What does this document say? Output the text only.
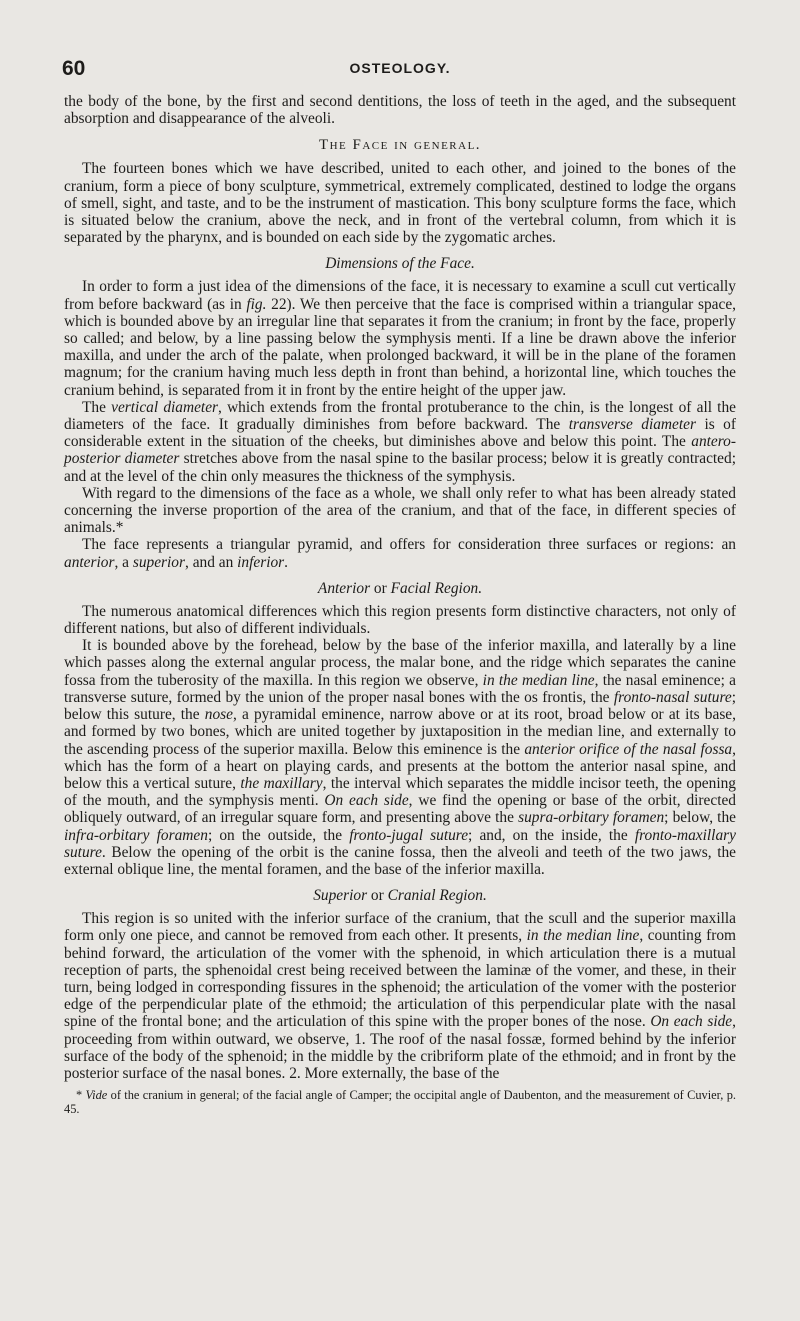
60	OSTEOLOGY.

the body of the bone, by the first and second dentitions, the loss of teeth in the aged, and the subsequent absorption and disappearance of the alveoli.

The Face in general.

The fourteen bones which we have described, united to each other, and joined to the bones of the cranium, form a piece of bony sculpture, symmetrical, extremely complicated, destined to lodge the organs of smell, sight, and taste, and to be the instrument of mastication. This bony sculpture forms the face, which is situated below the cranium, above the neck, and in front of the vertebral column, from which it is separated by the pharynx, and is bounded on each side by the zygomatic arches.

Dimensions of the Face.

In order to form a just idea of the dimensions of the face, it is necessary to examine a scull cut vertically from before backward (as in fig. 22). We then perceive that the face is comprised within a triangular space, which is bounded above by an irregular line that separates it from the cranium; in front by the face, properly so called; and below, by a line passing below the symphysis menti. If a line be drawn above the inferior maxilla, and under the arch of the palate, when prolonged backward, it will be in the plane of the foramen magnum; for the cranium having much less depth in front than behind, a horizontal line, which touches the cranium behind, is separated from it in front by the entire height of the upper jaw.

The vertical diameter, which extends from the frontal protuberance to the chin, is the longest of all the diameters of the face. It gradually diminishes from before backward. The transverse diameter is of considerable extent in the situation of the cheeks, but diminishes above and below this point. The antero-posterior diameter stretches above from the nasal spine to the basilar process; below it is greatly contracted; and at the level of the chin only measures the thickness of the symphysis.

With regard to the dimensions of the face as a whole, we shall only refer to what has been already stated concerning the inverse proportion of the area of the cranium, and that of the face, in different species of animals.*

The face represents a triangular pyramid, and offers for consideration three surfaces or regions: an anterior, a superior, and an inferior.

Anterior or Facial Region.

The numerous anatomical differences which this region presents form distinctive characters, not only of different nations, but also of different individuals.

It is bounded above by the forehead, below by the base of the inferior maxilla, and laterally by a line which passes along the external angular process, the malar bone, and the ridge which separates the canine fossa from the tuberosity of the maxilla. In this region we observe, in the median line, the nasal eminence; a transverse suture, formed by the union of the proper nasal bones with the os frontis, the fronto-nasal suture; below this suture, the nose, a pyramidal eminence, narrow above or at its root, broad below or at its base, and formed by two bones, which are united together by juxtaposition in the median line, and externally to the ascending process of the superior maxilla. Below this eminence is the anterior orifice of the nasal fossa, which has the form of a heart on playing cards, and presents at the bottom the anterior nasal spine, and below this a vertical suture, the maxillary, the interval which separates the middle incisor teeth, the opening of the mouth, and the symphysis menti. On each side, we find the opening or base of the orbit, directed obliquely outward, of an irregular square form, and presenting above the supra-orbitary foramen; below, the infra-orbitary foramen; on the outside, the fronto-jugal suture; and, on the inside, the fronto-maxillary suture. Below the opening of the orbit is the canine fossa, then the alveoli and teeth of the two jaws, the external oblique line, the mental foramen, and the base of the inferior maxilla.

Superior or Cranial Region.

This region is so united with the inferior surface of the cranium, that the scull and the superior maxilla form only one piece, and cannot be removed from each other. It presents, in the median line, counting from behind forward, the articulation of the vomer with the sphenoid, in which articulation there is a mutual reception of parts, the sphenoidal crest being received between the laminæ of the vomer, and these, in their turn, being lodged in corresponding fissures in the sphenoid; the articulation of the vomer with the posterior edge of the perpendicular plate of the ethmoid; the articulation of this perpendicular plate with the nasal spine of the frontal bone; and the articulation of this spine with the proper bones of the nose. On each side, proceeding from within outward, we observe, 1. The roof of the nasal fossæ, formed behind by the inferior surface of the body of the sphenoid; in the middle by the cribriform plate of the ethmoid; and in front by the posterior surface of the nasal bones. 2. More externally, the base of the

* Vide of the cranium in general; of the facial angle of Camper; the occipital angle of Daubenton, and the measurement of Cuvier, p. 45.
